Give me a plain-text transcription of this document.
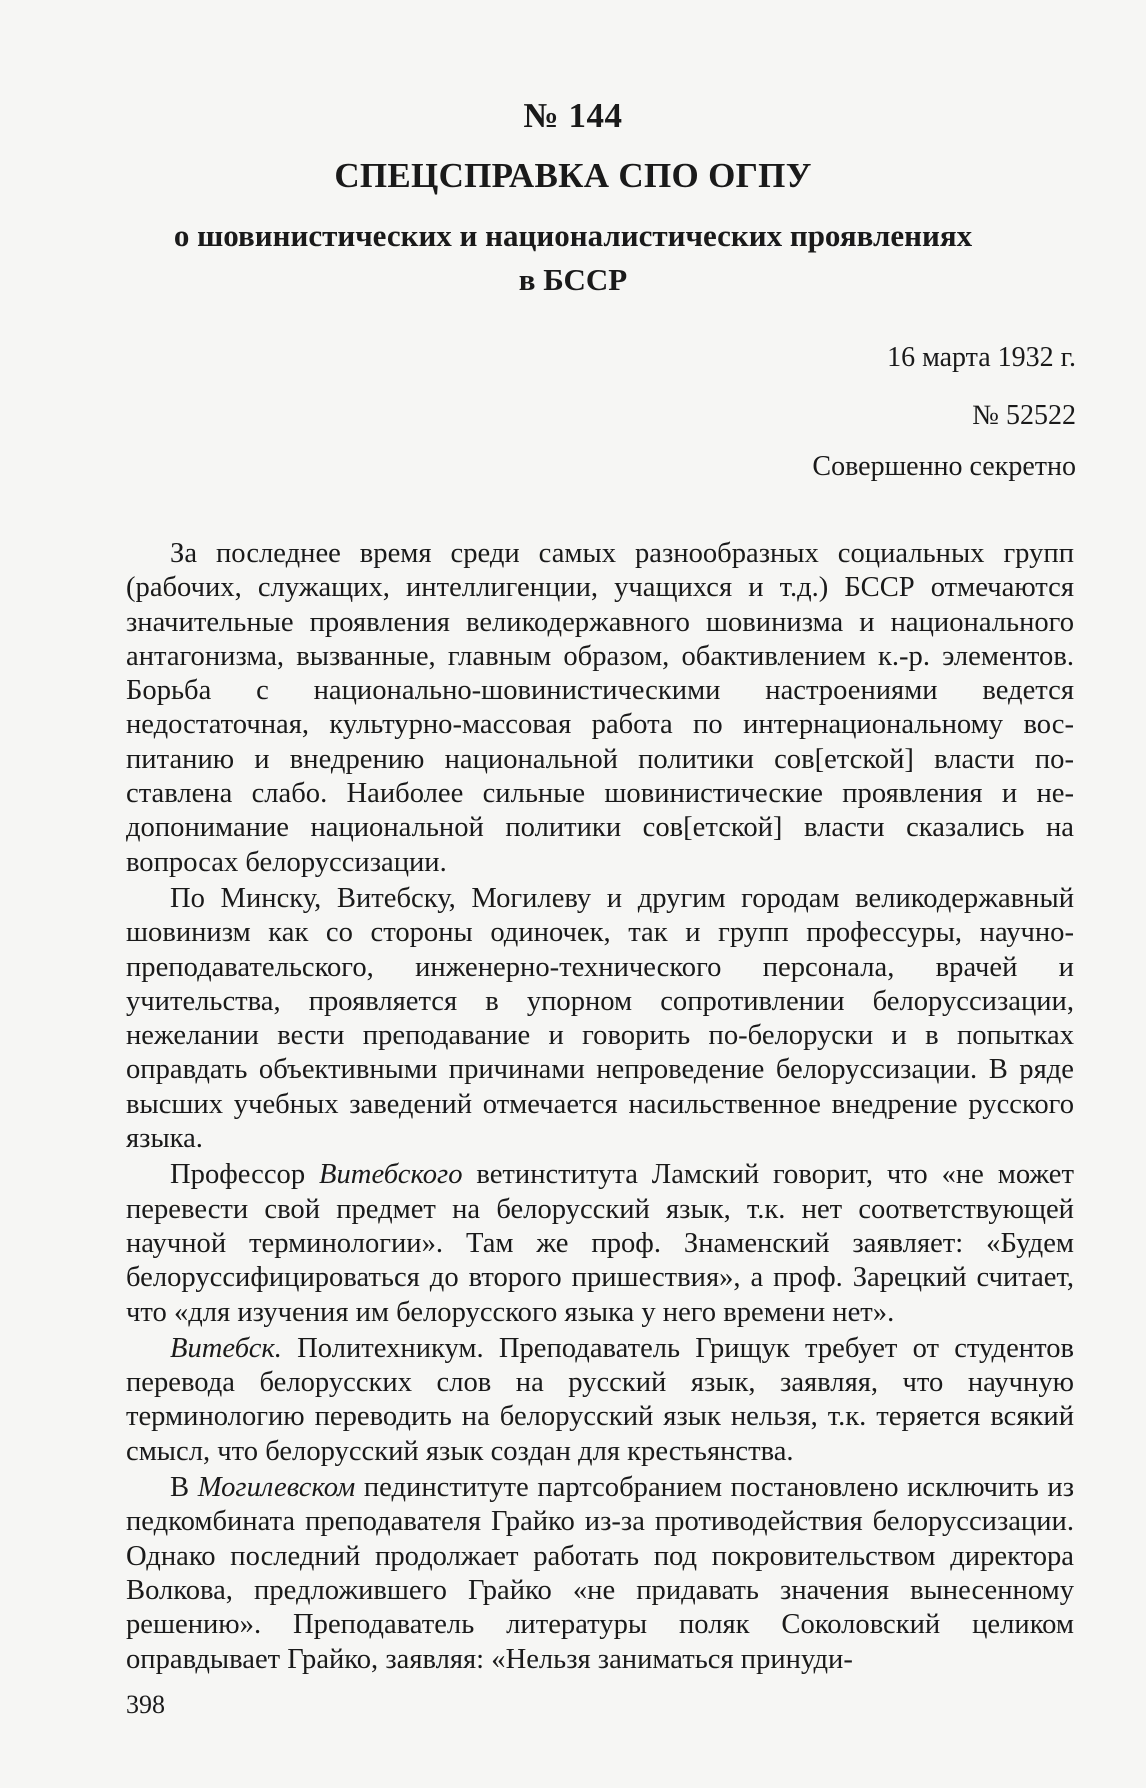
№ 144
СПЕЦСПРАВКА СПО ОГПУ
о шовинистических и националистических проявлениях
в БССР
16 марта 1932 г.
№ 52522
Совершенно секретно

За последнее время среди самых разнообразных социальных групп (рабочих, служащих, интеллигенции, учащихся и т.д.) БССР отмечаются значительные проявления великодержавного шовинизма и национального антагонизма, вызванные, главным образом, обактивлением к.-р. элементов. Борьба с национально-шовинистическими настроениями ведется недостаточная, культурно-массовая работа по интернациональному воспитанию и внедрению национальной политики сов[етской] власти поставлена слабо. Наиболее сильные шовинистические проявления и недопонимание национальной политики сов[етской] власти сказались на вопросах белоруссизации.

По Минску, Витебску, Могилеву и другим городам великодержавный шовинизм как со стороны одиночек, так и групп профессуры, научно-преподавательского, инженерно-технического персонала, врачей и учительства, проявляется в упорном сопротивлении белоруссизации, нежелании вести преподавание и говорить по-белоруски и в попытках оправдать объективными причинами непроведение белоруссизации. В ряде высших учебных заведений отмечается насильственное внедрение русского языка.

Профессор Витебского ветинститута Ламский говорит, что «не может перевести свой предмет на белорусский язык, т.к. нет соответствующей научной терминологии». Там же проф. Знаменский заявляет: «Будем белоруссифицироваться до второго пришествия», а проф. Зарецкий считает, что «для изучения им белорусского языка у него времени нет».

Витебск. Политехникум. Преподаватель Грищук требует от студентов перевода белорусских слов на русский язык, заявляя, что научную терминологию переводить на белорусский язык нельзя, т.к. теряется всякий смысл, что белорусский язык создан для крестьянства.

В Могилевском пединституте партсобранием постановлено исключить из педкомбината преподавателя Грайко из-за противодействия белоруссизации. Однако последний продолжает работать под покровительством директора Волкова, предложившего Грайко «не придавать значения вынесенному решению». Преподаватель литературы поляк Соколовский целиком оправдывает Грайко, заявляя: «Нельзя заниматься принуди-

398
